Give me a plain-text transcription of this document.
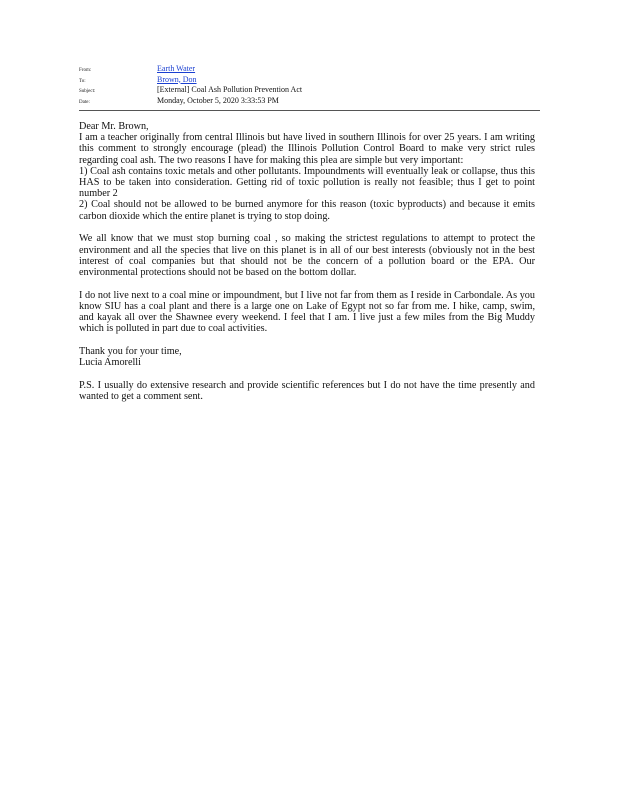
From:	Earth Water
To:	Brown, Don
Subject:	[External] Coal Ash Pollution Prevention Act
Date:	Monday, October 5, 2020 3:33:53 PM

Dear Mr. Brown,

I am a teacher originally from central Illinois but have lived in southern Illinois for over 25 years. I am writing this comment to strongly encourage (plead) the Illinois Pollution Control Board to make very strict rules regarding coal ash. The two reasons I have for making this plea are simple but very important:

1) Coal ash contains toxic metals and other pollutants. Impoundments will eventually leak or collapse, thus this HAS to be taken into consideration. Getting rid of toxic pollution is really not feasible; thus I get to point number 2

2) Coal should not be allowed to be burned anymore for this reason (toxic byproducts) and because it emits carbon dioxide which the entire planet is trying to stop doing.

We all know that we must stop burning coal , so making the strictest regulations to attempt to protect the environment and all the species that live on this planet is in all of our best interests (obviously not in the best interest of coal companies but that should not be the concern of a pollution board or the EPA. Our environmental protections should not be based on the bottom dollar.

I do not live next to a coal mine or impoundment, but I live not far from them as I reside in Carbondale. As you know SIU has a coal plant and there is a large one on Lake of Egypt not so far from me. I hike, camp, swim, and kayak all over the Shawnee every weekend. I feel that I am. I live just a few miles from the Big Muddy which is polluted in part due to coal activities.

Thank you for your time,

Lucia Amorelli

P.S. I usually do extensive research and provide scientific references but I do not have the time presently and wanted to get a comment sent.
